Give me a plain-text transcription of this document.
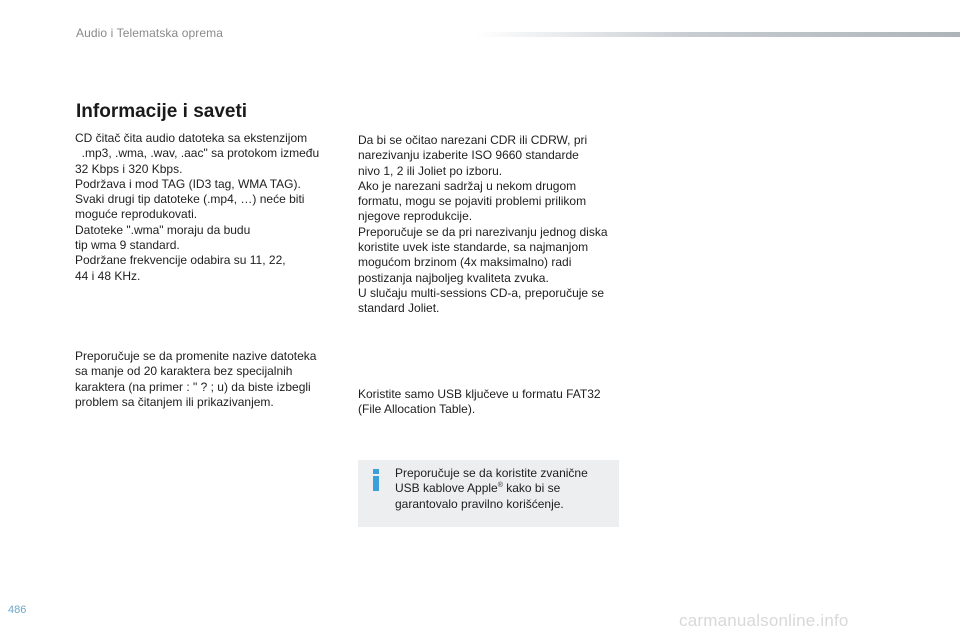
Audio i Telematska oprema
Informacije i saveti
CD čitač čita audio datoteka sa ekstenzijom
.mp3, .wma, .wav, .aac" sa protokom između
32 Kbps i 320 Kbps.
Podržava i mod TAG (ID3 tag, WMA TAG).
Svaki drugi tip datoteke (.mp4, …) neće biti
moguće reprodukovati.
Datoteke ".wma" moraju da budu
tip wma 9 standard.
Podržane frekvencije odabira su 11, 22,
44 i 48 KHz.
Preporučuje se da promenite nazive datoteka
sa manje od 20 karaktera bez specijalnih
karaktera (na primer : " ? ; u) da biste izbegli
problem sa čitanjem ili prikazivanjem.
Da bi se očitao narezani CDR ili CDRW, pri
narezivanju izaberite ISO 9660 standarde
nivo 1, 2 ili Joliet po izboru.
Ako je narezani sadržaj u nekom drugom
formatu, mogu se pojaviti problemi prilikom
njegove reprodukcije.
Preporučuje se da pri narezivanju jednog diska
koristite uvek iste standarde, sa najmanjom
mogućom brzinom (4x maksimalno) radi
postizanja najboljeg kvaliteta zvuka.
U slučaju multi-sessions CD-a, preporučuje se
standard Joliet.
Koristite samo USB ključeve u formatu FAT32
(File Allocation Table).
Preporučuje se da koristite zvanične
USB kablove Apple® kako bi se
garantovalo pravilno korišćenje.
486
carmanualsonline.info
